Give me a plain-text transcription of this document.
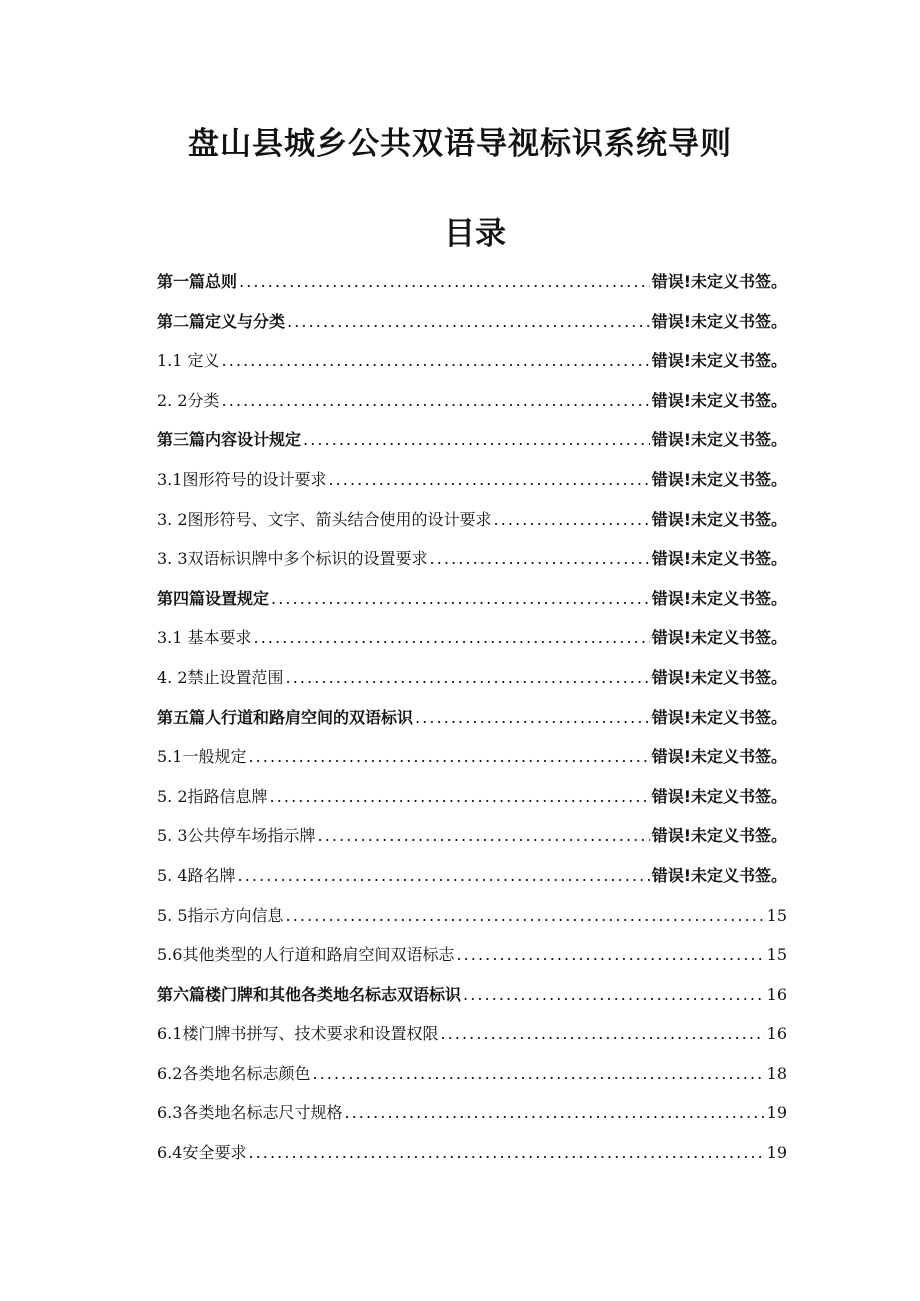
盘山县城乡公共双语导视标识系统导则
目录
第一篇总则 . . .	错误!未定义书签。
第二篇定义与分类 . . .	错误!未定义书签。
1.1 定义 . . .	错误!未定义书签。
2. 2分类 . . .	错误!未定义书签。
第三篇内容设计规定 . . .	错误!未定义书签。
3.1图形符号的设计要求 . . .	错误!未定义书签。
3. 2图形符号、文字、箭头结合使用的设计要求 . . .	错误!未定义书签。
3. 3双语标识牌中多个标识的设置要求 . . .	错误!未定义书签。
第四篇设置规定 . . .	错误!未定义书签。
3.1 基本要求 . . .	错误!未定义书签。
4. 2禁止设置范围 . . .	错误!未定义书签。
第五篇人行道和路肩空间的双语标识 . . .	错误!未定义书签。
5.1一般规定 . . .	错误!未定义书签。
5. 2指路信息牌 . . .	错误!未定义书签。
5. 3公共停车场指示牌 . . .	错误!未定义书签。
5. 4路名牌 . . .	错误!未定义书签。
5. 5指示方向信息 . . .	15
5.6其他类型的人行道和路肩空间双语标志 . . .	15
第六篇楼门牌和其他各类地名标志双语标识 . . .	16
6.1楼门牌书拼写、技术要求和设置权限 . . .	16
6.2各类地名标志颜色 . . .	18
6.3各类地名标志尺寸规格 . . .	19
6.4安全要求 . . .	19
